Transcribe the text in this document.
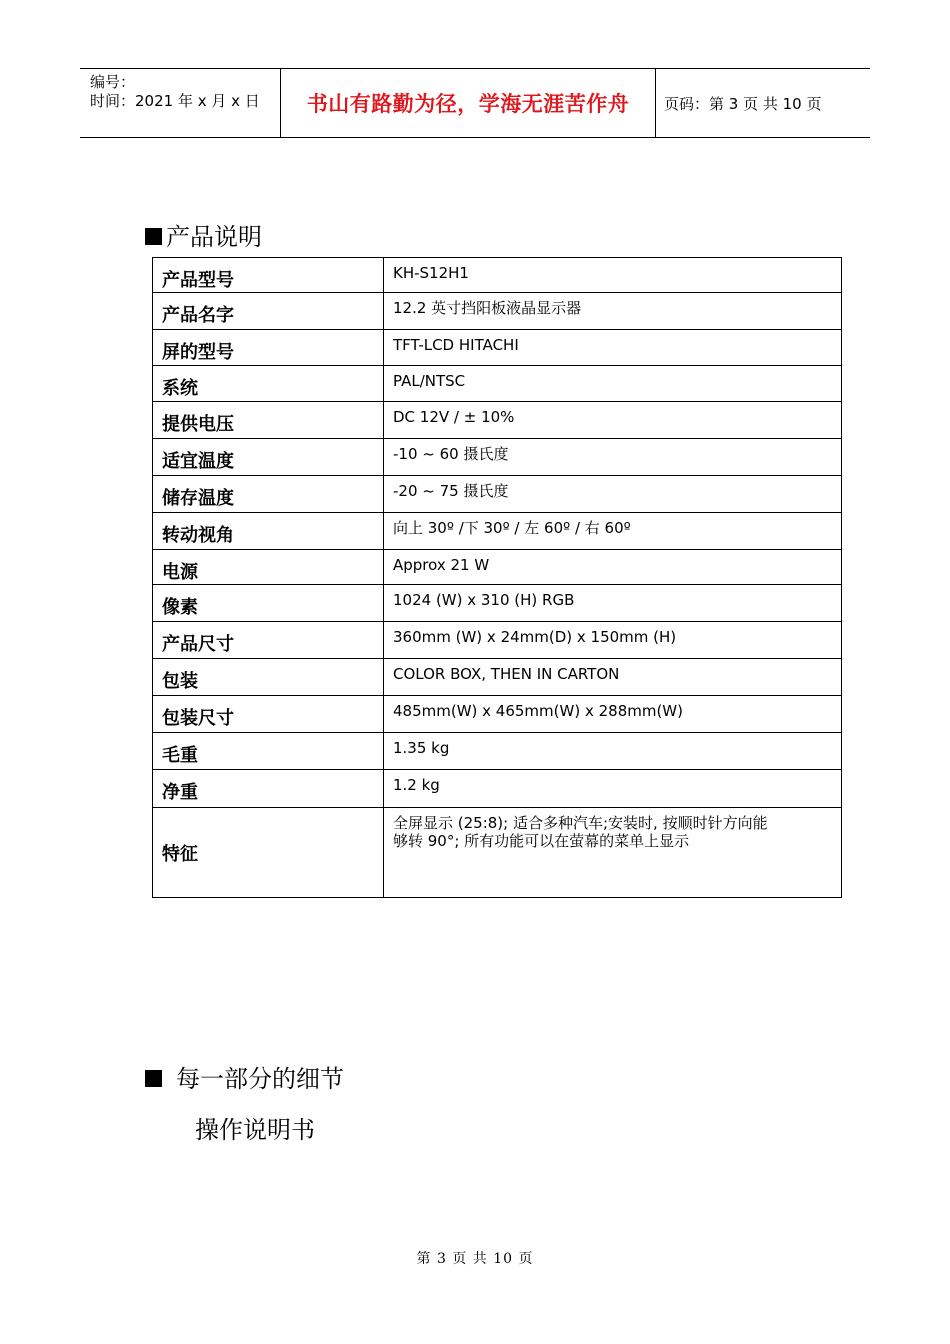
编号：
时间：2021 年 x 月 x 日	书山有路勤为径，学海无涯苦作舟	页码：第 3 页 共 10 页
产品说明
产品型号	KH-S12H1
产品名字	12.2 英寸挡阳板液晶显示器
屏的型号	TFT-LCD HITACHI
系统	PAL/NTSC
提供电压	DC 12V / ± 10%
适宜温度	-10 ~ 60 摄氏度
储存温度	-20 ~ 75 摄氏度
转动视角	向上 30º /下 30º / 左 60º / 右 60º
电源	Approx 21 W
像素	1024 (W) x 310 (H) RGB
产品尺寸	360mm (W) x 24mm(D) x 150mm (H)
包装	COLOR BOX, THEN IN CARTON
包装尺寸	485mm(W) x 465mm(W) x 288mm(W)
毛重	1.35 kg
净重	1.2 kg
特征	全屏显示 (25:8); 适合多种汽车;安装时, 按顺时针方向能
够转 90°; 所有功能可以在萤幕的菜单上显示
每一部分的细节
操作说明书
第 3 页 共 10 页
